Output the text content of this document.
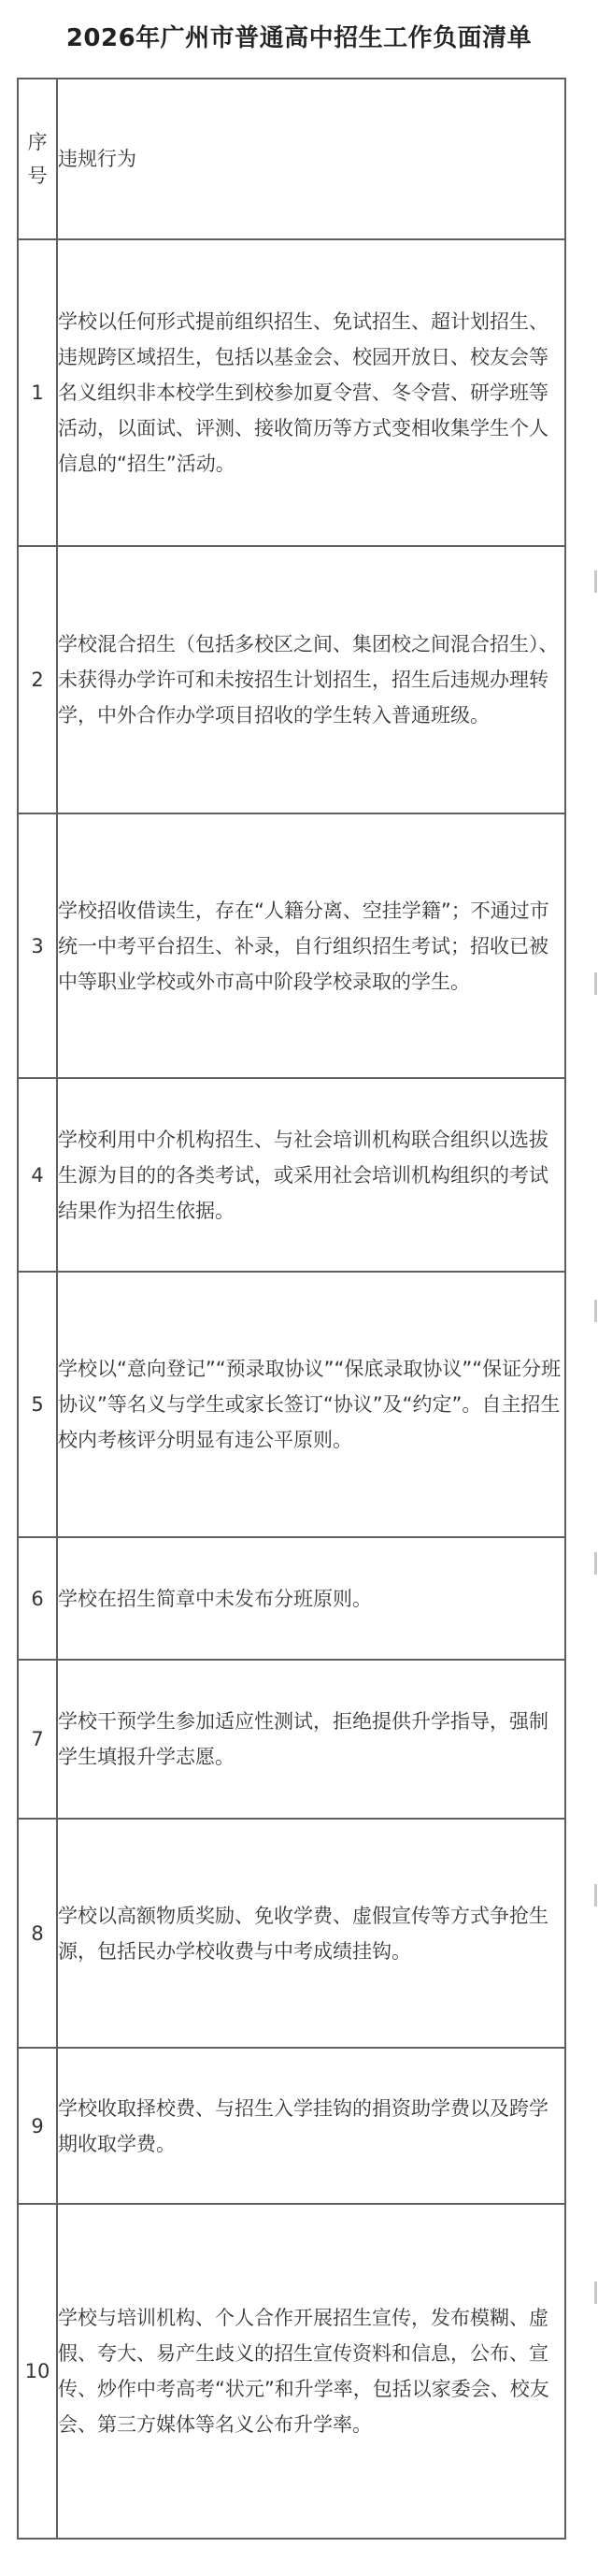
2026年广州市普通高中招生工作负面清单
序号	违规行为
1	学校以任何形式提前组织招生、免试招生、超计划招生、违规跨区域招生，包括以基金会、校园开放日、校友会等名义组织非本校学生到校参加夏令营、冬令营、研学班等活动，以面试、评测、接收简历等方式变相收集学生个人信息的“招生”活动。
2	学校混合招生（包括多校区之间、集团校之间混合招生）、未获得办学许可和未按招生计划招生，招生后违规办理转学，中外合作办学项目招收的学生转入普通班级。
3	学校招收借读生，存在“人籍分离、空挂学籍”；不通过市统一中考平台招生、补录，自行组织招生考试；招收已被中等职业学校或外市高中阶段学校录取的学生。
4	学校利用中介机构招生、与社会培训机构联合组织以选拔生源为目的的各类考试，或采用社会培训机构组织的考试结果作为招生依据。
5	学校以“意向登记”“预录取协议”“保底录取协议”“保证分班协议”等名义与学生或家长签订“协议”及“约定”。自主招生校内考核评分明显有违公平原则。
6	学校在招生简章中未发布分班原则。
7	学校干预学生参加适应性测试，拒绝提供升学指导，强制学生填报升学志愿。
8	学校以高额物质奖励、免收学费、虚假宣传等方式争抢生源，包括民办学校收费与中考成绩挂钩。
9	学校收取择校费、与招生入学挂钩的捐资助学费以及跨学期收取学费。
10	学校与培训机构、个人合作开展招生宣传，发布模糊、虚假、夸大、易产生歧义的招生宣传资料和信息，公布、宣传、炒作中考高考“状元”和升学率，包括以家委会、校友会、第三方媒体等名义公布升学率。
